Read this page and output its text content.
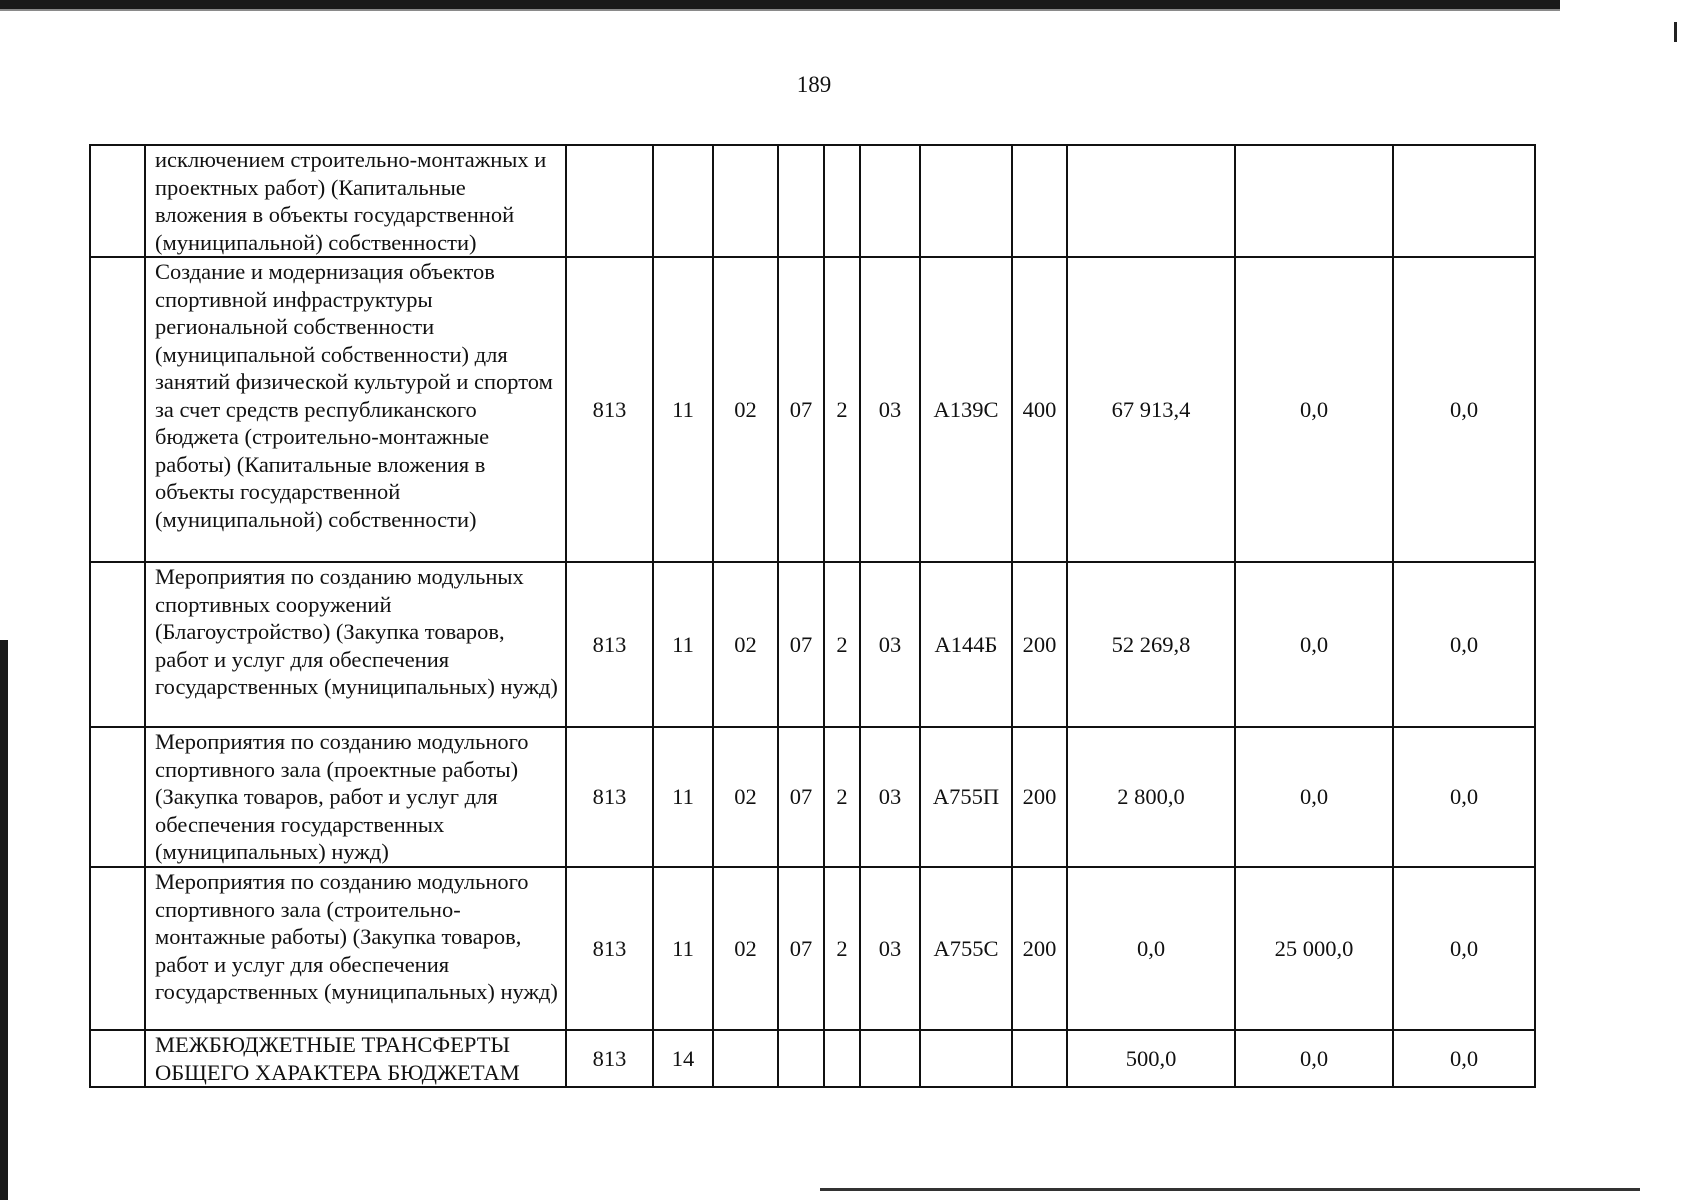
189
	исключением строительно-монтажных и проектных работ) (Капитальные вложения в объекты государственной (муниципальной) собственности)											
	Создание и модернизация объектов спортивной инфраструктуры региональной собственности (муниципальной собственности) для занятий физической культурой и спортом за счет средств республиканского бюджета (строительно-монтажные работы) (Капитальные вложения в объекты государственной (муниципальной) собственности)	813	11	02	07	2	03	A139C	400	67 913,4	0,0	0,0
	Мероприятия по созданию модульных спортивных сооружений (Благоустройство) (Закупка товаров, работ и услуг для обеспечения государственных (муниципальных) нужд)	813	11	02	07	2	03	A144Б	200	52 269,8	0,0	0,0
	Мероприятия по созданию модульного спортивного зала (проектные работы) (Закупка товаров, работ и услуг для обеспечения государственных (муниципальных) нужд)	813	11	02	07	2	03	A755П	200	2 800,0	0,0	0,0
	Мероприятия по созданию модульного спортивного зала (строительно-монтажные работы) (Закупка товаров, работ и услуг для обеспечения государственных (муниципальных) нужд)	813	11	02	07	2	03	A755C	200	0,0	25 000,0	0,0
	МЕЖБЮДЖЕТНЫЕ ТРАНСФЕРТЫ ОБЩЕГО ХАРАКТЕРА БЮДЖЕТАМ	813	14							500,0	0,0	0,0
